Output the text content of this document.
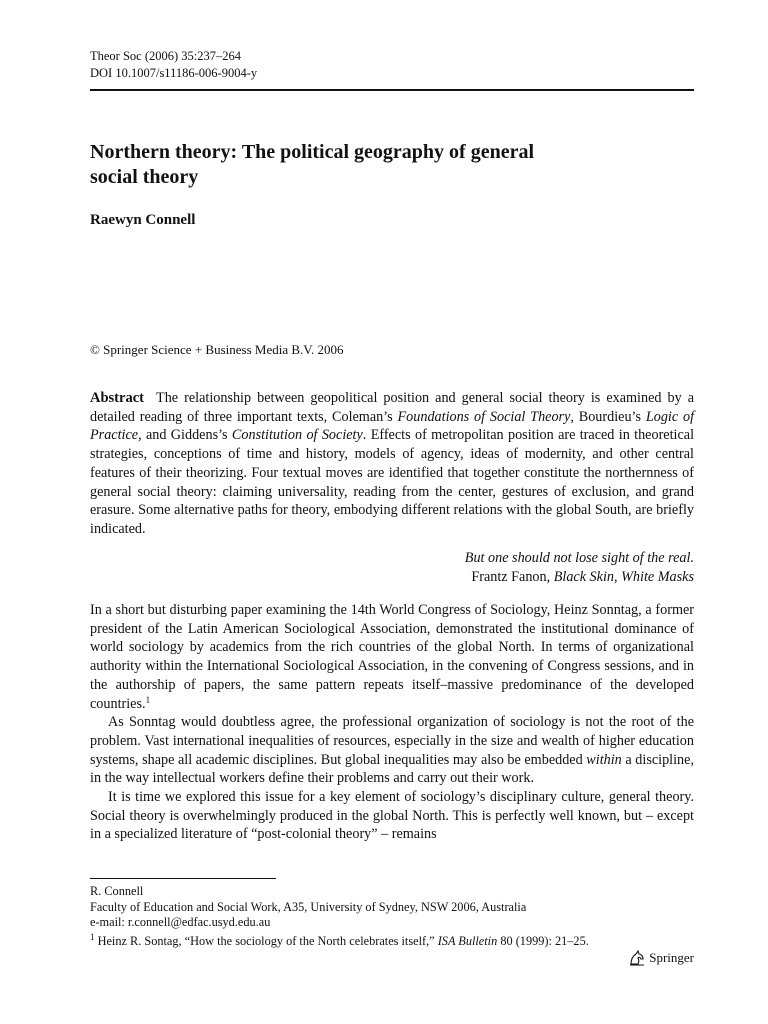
Theor Soc (2006) 35:237–264
DOI 10.1007/s11186-006-9004-y
Northern theory: The political geography of general
social theory
Raewyn Connell
© Springer Science + Business Media B.V. 2006

Abstract The relationship between geopolitical position and general social theory is examined by a detailed reading of three important texts, Coleman’s Foundations of Social Theory, Bourdieu’s Logic of Practice, and Giddens’s Constitution of Society. Effects of metropolitan position are traced in theoretical strategies, conceptions of time and history, models of agency, ideas of modernity, and other central features of their theorizing. Four textual moves are identified that together constitute the northernness of general social theory: claiming universality, reading from the center, gestures of exclusion, and grand erasure. Some alternative paths for theory, embodying different relations with the global South, are briefly indicated.

But one should not lose sight of the real.
Frantz Fanon, Black Skin, White Masks

In a short but disturbing paper examining the 14th World Congress of Sociology, Heinz Sonntag, a former president of the Latin American Sociological Association, demonstrated the institutional dominance of world sociology by academics from the rich countries of the global North. In terms of organizational authority within the International Sociological Association, in the convening of Congress sessions, and in the authorship of papers, the same pattern repeats itself–massive predominance of the developed countries.$^1$

As Sonntag would doubtless agree, the professional organization of sociology is not the root of the problem. Vast international inequalities of resources, especially in the size and wealth of higher education systems, shape all academic disciplines. But global inequalities may also be embedded within a discipline, in the way intellectual workers define their problems and carry out their work.

It is time we explored this issue for a key element of sociology’s disciplinary culture, general theory. Social theory is overwhelmingly produced in the global North. This is perfectly well known, but – except in a specialized literature of “post-colonial theory” – remains

R. Connell
Faculty of Education and Social Work, A35, University of Sydney, NSW 2006, Australia
e-mail: r.connell@edfac.usyd.edu.au
$^1$ Heinz R. Sontag, “How the sociology of the North celebrates itself,” ISA Bulletin 80 (1999): 21–25.
Springer
